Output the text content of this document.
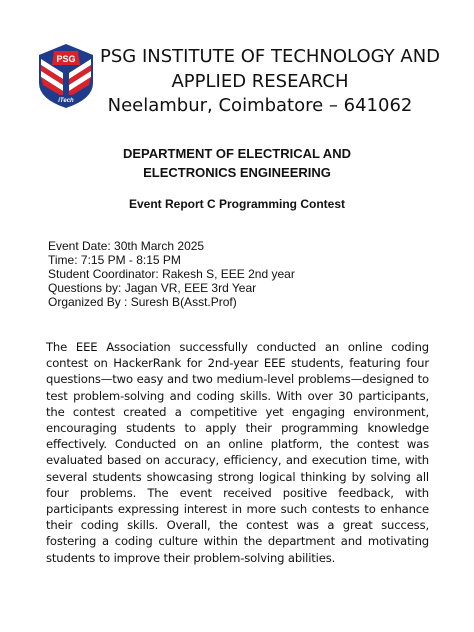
PSG
iTech
PSG INSTITUTE OF TECHNOLOGY AND
APPLIED RESEARCH
Neelambur, Coimbatore – 641062
DEPARTMENT OF ELECTRICAL AND
ELECTRONICS ENGINEERING
Event Report C Programming Contest
Event Date: 30th March 2025
Time: 7:15 PM - 8:15 PM
Student Coordinator: Rakesh S, EEE 2nd year
Questions by: Jagan VR, EEE 3rd Year
Organized By : Suresh B(Asst.Prof)
The EEE Association successfully conducted an online coding contest on HackerRank for 2nd-year EEE students, featuring four questions—two easy and two medium-level problems—designed to test problem-solving and coding skills. With over 30 participants, the contest created a competitive yet engaging environment, encouraging students to apply their programming knowledge effectively. Conducted on an online platform, the contest was evaluated based on accuracy, efficiency, and execution time, with several students showcasing strong logical thinking by solving all four problems. The event received positive feedback, with participants expressing interest in more such contests to enhance their coding skills. Overall, the contest was a great success, fostering a coding culture within the department and motivating students to improve their problem-solving abilities.
